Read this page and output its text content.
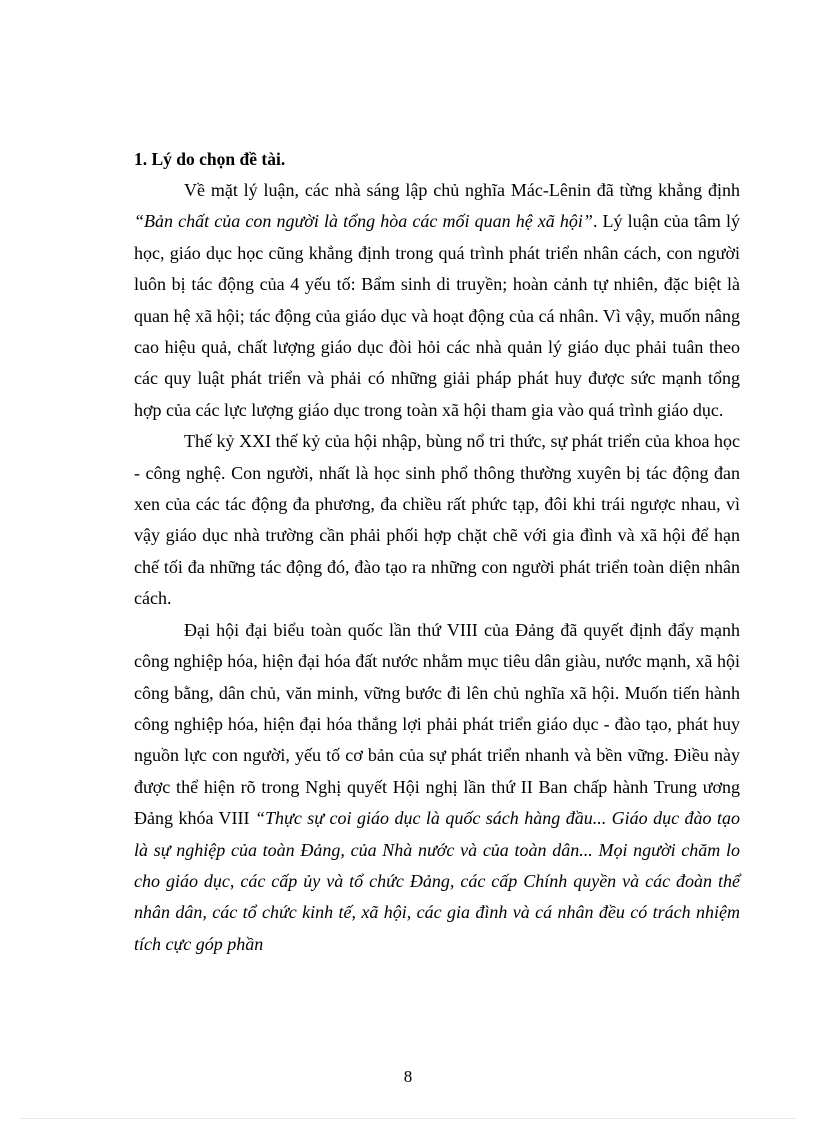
1. Lý do chọn đề tài.

Về mặt lý luận, các nhà sáng lập chủ nghĩa Mác-Lênin đã từng khẳng định “Bản chất của con người là tổng hòa các mối quan hệ xã hội”. Lý luận của tâm lý học, giáo dục học cũng khẳng định trong quá trình phát triển nhân cách, con người luôn bị tác động của 4 yếu tố: Bẩm sinh di truyền; hoàn cảnh tự nhiên, đặc biệt là quan hệ xã hội; tác động của giáo dục và hoạt động của cá nhân. Vì vậy, muốn nâng cao hiệu quả, chất lượng giáo dục đòi hỏi các nhà quản lý giáo dục phải tuân theo các quy luật phát triển và phải có những giải pháp phát huy được sức mạnh tổng hợp của các lực lượng giáo dục trong toàn xã hội tham gia vào quá trình giáo dục.

Thế kỷ XXI thế kỷ của hội nhập, bùng nổ tri thức, sự phát triển của khoa học - công nghệ. Con người, nhất là học sinh phổ thông thường xuyên bị tác động đan xen của các tác động đa phương, đa chiều rất phức tạp, đôi khi trái ngược nhau, vì vậy giáo dục nhà trường cần phải phối hợp chặt chẽ với gia đình và xã hội để hạn chế tối đa những tác động đó, đào tạo ra những con người phát triển toàn diện nhân cách.

Đại hội đại biểu toàn quốc lần thứ VIII của Đảng đã quyết định đẩy mạnh công nghiệp hóa, hiện đại hóa đất nước nhằm mục tiêu dân giàu, nước mạnh, xã hội công bằng, dân chủ, văn minh, vững bước đi lên chủ nghĩa xã hội. Muốn tiến hành công nghiệp hóa, hiện đại hóa thắng lợi phải phát triển giáo dục - đào tạo, phát huy nguồn lực con người, yếu tố cơ bản của sự phát triển nhanh và bền vững. Điều này được thể hiện rõ trong Nghị quyết Hội nghị lần thứ II Ban chấp hành Trung ương Đảng khóa VIII “Thực sự coi giáo dục là quốc sách hàng đầu... Giáo dục đào tạo là sự nghiệp của toàn Đảng, của Nhà nước và của toàn dân... Mọi người chăm lo cho giáo dục, các cấp ủy và tổ chức Đảng, các cấp Chính quyền và các đoàn thể nhân dân, các tổ chức kinh tế, xã hội, các gia đình và cá nhân đều có trách nhiệm tích cực góp phần

8
